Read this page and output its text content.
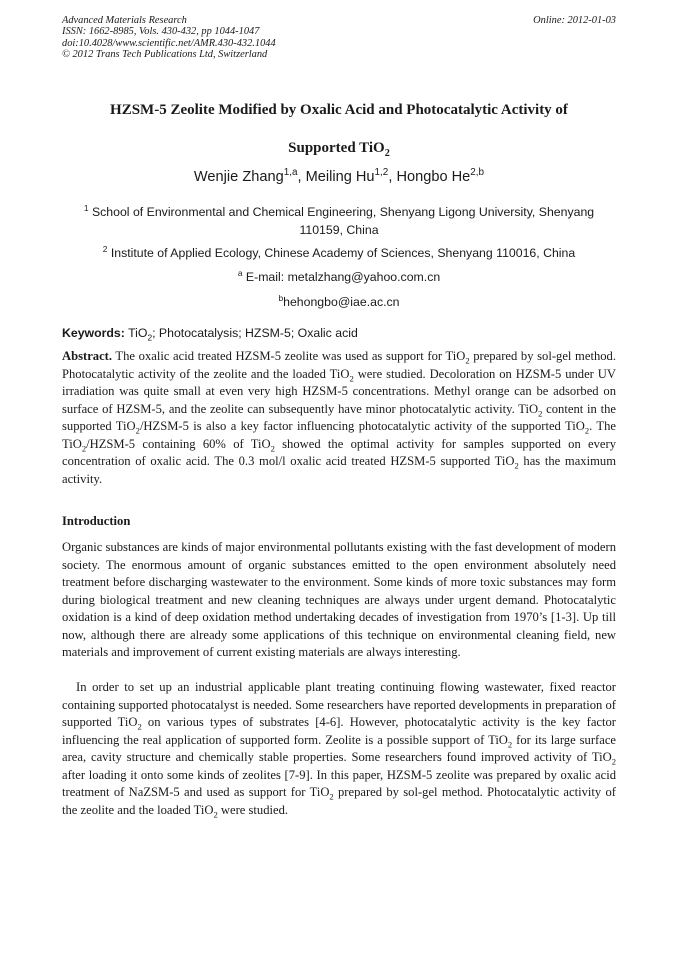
Advanced Materials Research
ISSN: 1662-8985, Vols. 430-432, pp 1044-1047
doi:10.4028/www.scientific.net/AMR.430-432.1044
© 2012 Trans Tech Publications Ltd, Switzerland
Online: 2012-01-03
HZSM-5 Zeolite Modified by Oxalic Acid and Photocatalytic Activity of
Supported TiO$_2$
Wenjie Zhang$^{1,a}$, Meiling Hu$^{1,2}$, Hongbo He$^{2,b}$
$^1$ School of Environmental and Chemical Engineering, Shenyang Ligong University, Shenyang 110159, China
$^2$ Institute of Applied Ecology, Chinese Academy of Sciences, Shenyang 110016, China
$^a$ E-mail: metalzhang@yahoo.com.cn
$^b$hehongbo@iae.ac.cn
Keywords: TiO$_2$; Photocatalysis; HZSM-5; Oxalic acid
Abstract. The oxalic acid treated HZSM-5 zeolite was used as support for TiO$_2$ prepared by sol-gel method. Photocatalytic activity of the zeolite and the loaded TiO$_2$ were studied. Decoloration on HZSM-5 under UV irradiation was quite small at even very high HZSM-5 concentrations. Methyl orange can be adsorbed on surface of HZSM-5, and the zeolite can subsequently have minor photocatalytic activity. TiO$_2$ content in the supported TiO$_2$/HZSM-5 is also a key factor influencing photocatalytic activity of the supported TiO$_2$. The TiO$_2$/HZSM-5 containing 60% of TiO$_2$ showed the optimal activity for samples supported on every concentration of oxalic acid. The 0.3 mol/l oxalic acid treated HZSM-5 supported TiO$_2$ has the maximum activity.
Introduction
Organic substances are kinds of major environmental pollutants existing with the fast development of modern society. The enormous amount of organic substances emitted to the open environment absolutely need treatment before discharging wastewater to the environment. Some kinds of more toxic substances may form during biological treatment and new cleaning techniques are always under urgent demand. Photocatalytic oxidation is a kind of deep oxidation method undertaking decades of investigation from 1970’s [1-3]. Up till now, although there are already some applications of this technique on environmental cleaning field, new materials and improvement of current existing materials are always interesting.
In order to set up an industrial applicable plant treating continuing flowing wastewater, fixed reactor containing supported photocatalyst is needed. Some researchers have reported developments in preparation of supported TiO$_2$ on various types of substrates [4-6]. However, photocatalytic activity is the key factor influencing the real application of supported form. Zeolite is a possible support of TiO$_2$ for its large surface area, cavity structure and chemically stable properties. Some researchers found improved activity of TiO$_2$ after loading it onto some kinds of zeolites [7-9]. In this paper, HZSM-5 zeolite was prepared by oxalic acid treatment of NaZSM-5 and used as support for TiO$_2$ prepared by sol-gel method. Photocatalytic activity of the zeolite and the loaded TiO$_2$ were studied.
